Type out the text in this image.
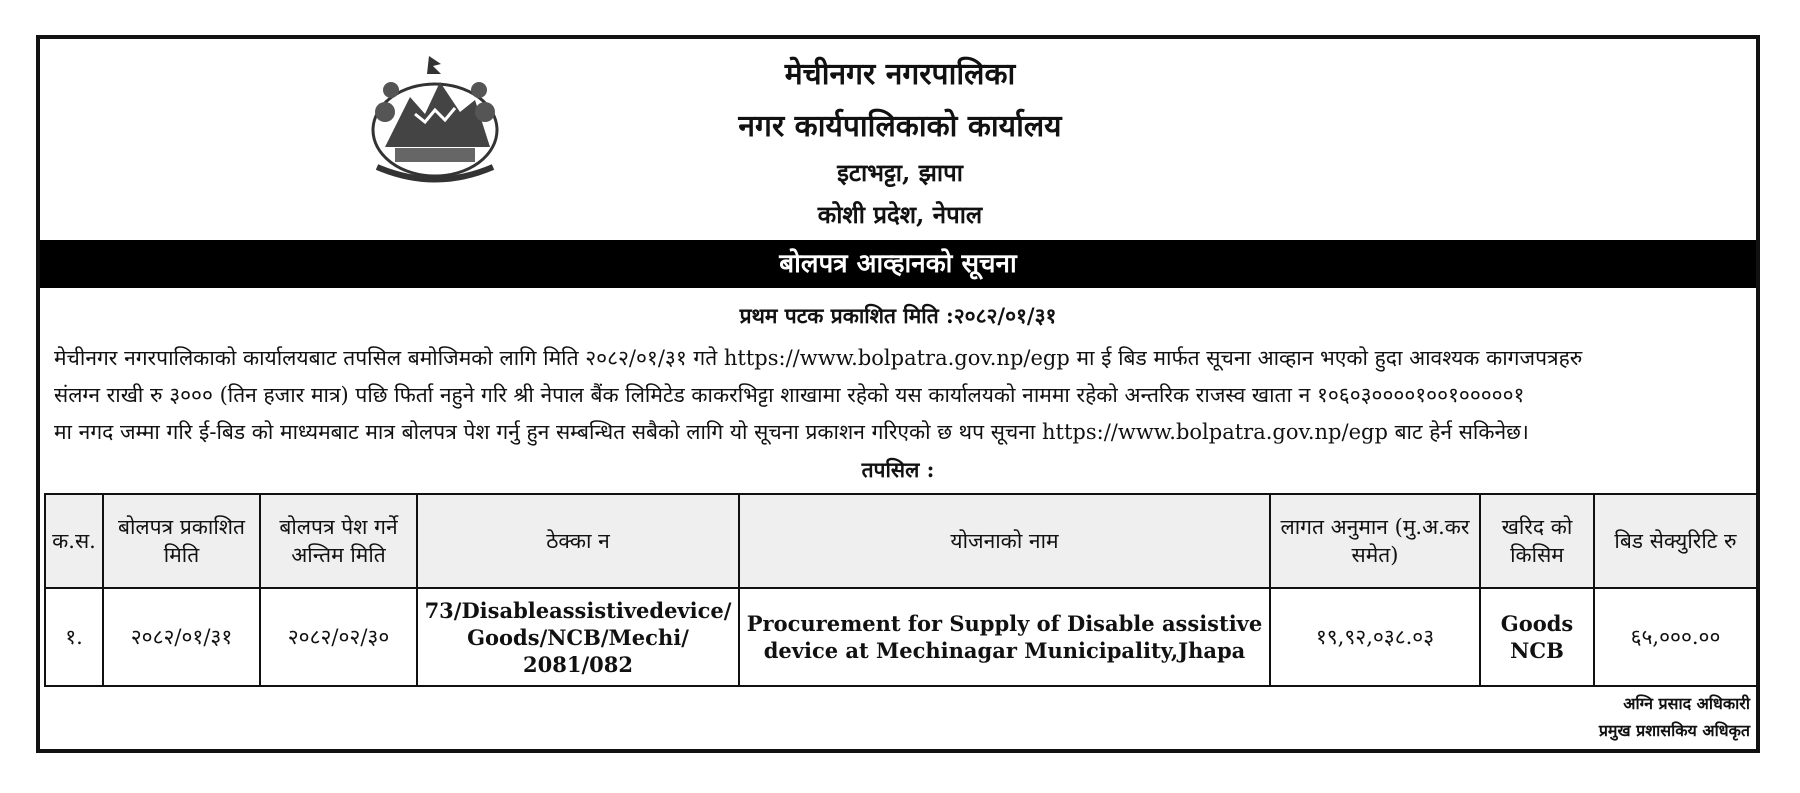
मेचीनगर नगरपालिका
नगर कार्यपालिकाको कार्यालय
इटाभट्टा, झापा
कोशी प्रदेश, नेपाल
बोलपत्र आव्हानको सूचना
प्रथम पटक प्रकाशित मिति :२०८२/०१/३१

मेचीनगर नगरपालिकाको कार्यालयबाट तपसिल बमोजिमको लागि मिति २०८२/०१/३१ गते https://www.bolpatra.gov.np/egp मा ई बिड मार्फत सूचना आव्हान भएको हुदा आवश्यक कागजपत्रहरु
संलग्न राखी रु ३००० (तिन हजार मात्र) पछि फिर्ता नहुने गरि श्री नेपाल बैंक लिमिटेड काकरभिट्टा शाखामा रहेको यस कार्यालयको नाममा रहेको अन्तरिक राजस्व खाता न १०६०३००००१००१०००००१
मा नगद जम्मा गरि ई-बिड को माध्यमबाट मात्र बोलपत्र पेश गर्नु हुन सम्बन्धित सबैको लागि यो सूचना प्रकाशन गरिएको छ थप सूचना https://www.bolpatra.gov.np/egp बाट हेर्न सकिनेछ।

तपसिल :
क.स.	बोलपत्र प्रकाशित मिति	बोलपत्र पेश गर्ने अन्तिम मिति	ठेक्का न	योजनाको नाम	लागत अनुमान (मु.अ.कर समेत)	खरिद को किसिम	बिड सेक्युरिटि रु
१.	२०८२/०१/३१	२०८२/०२/३०	73/Disableassistivedevice/ Goods/NCB/Mechi/ 2081/082	Procurement for Supply of Disable assistive device at Mechinagar Municipality,Jhapa	१९,९२,०३८.०३	Goods NCB	६५,०००.००
अग्नि प्रसाद अधिकारी
प्रमुख प्रशासकिय अधिकृत
